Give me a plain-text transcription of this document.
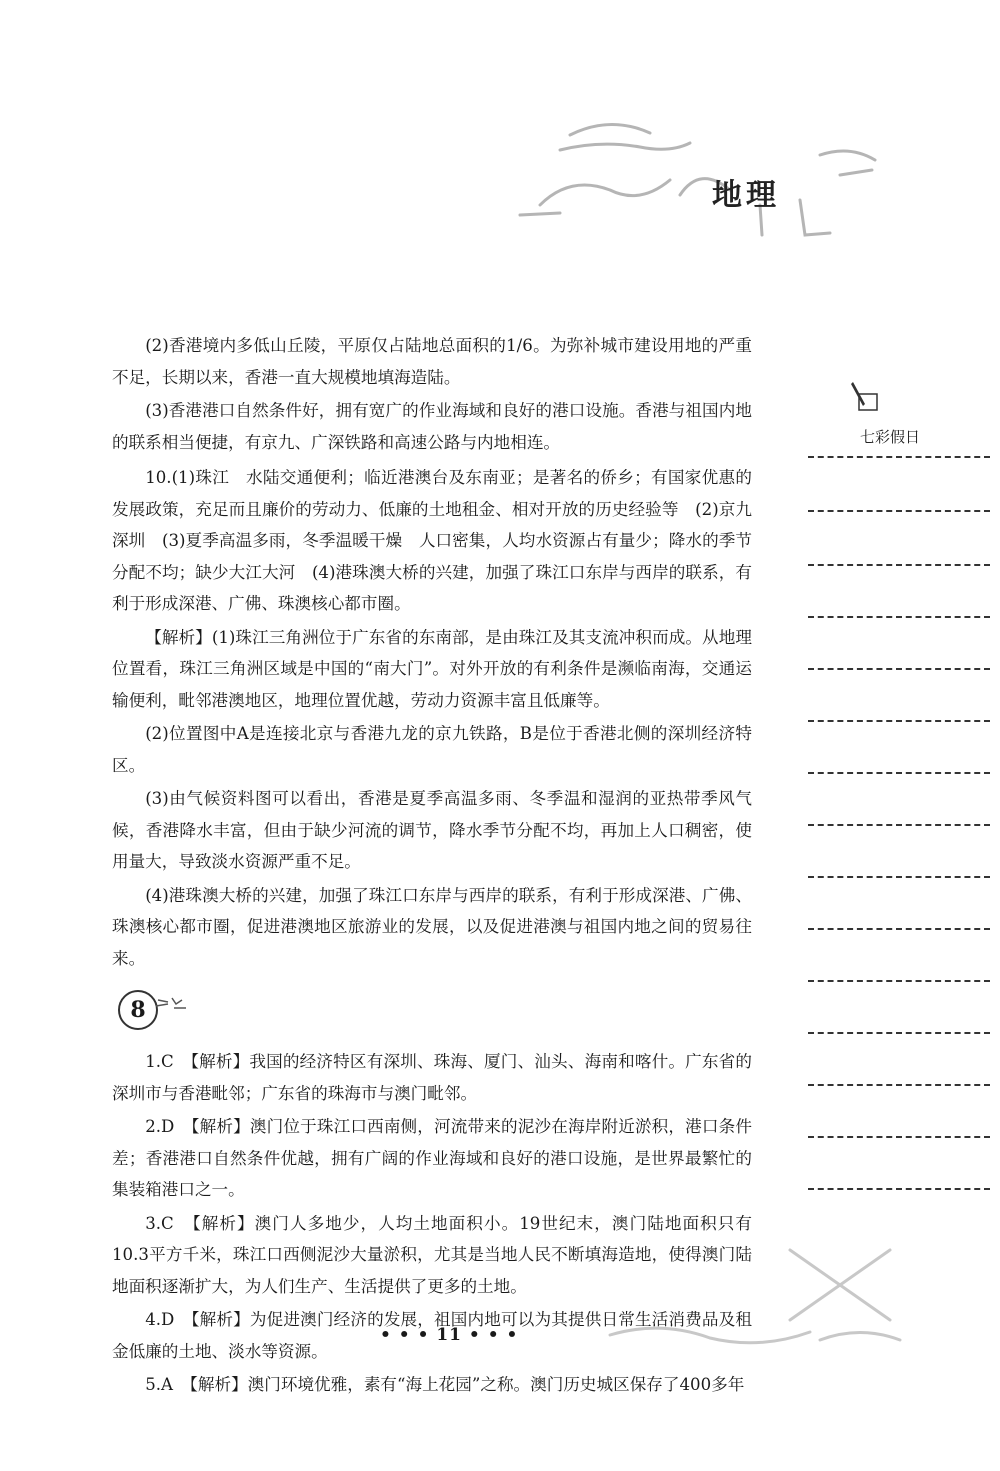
地理

(2)香港境内多低山丘陵，平原仅占陆地总面积的1/6。为弥补城市建设用地的严重不足，长期以来，香港一直大规模地填海造陆。

(3)香港港口自然条件好，拥有宽广的作业海域和良好的港口设施。香港与祖国内地的联系相当便捷，有京九、广深铁路和高速公路与内地相连。

10.(1)珠江　水陆交通便利；临近港澳台及东南亚；是著名的侨乡；有国家优惠的发展政策，充足而且廉价的劳动力、低廉的土地租金、相对开放的历史经验等　(2)京九　深圳　(3)夏季高温多雨，冬季温暖干燥　人口密集，人均水资源占有量少；降水的季节分配不均；缺少大江大河　(4)港珠澳大桥的兴建，加强了珠江口东岸与西岸的联系，有利于形成深港、广佛、珠澳核心都市圈。

【解析】(1)珠江三角洲位于广东省的东南部，是由珠江及其支流冲积而成。从地理位置看，珠江三角洲区域是中国的“南大门”。对外开放的有利条件是濒临南海，交通运输便利，毗邻港澳地区，地理位置优越，劳动力资源丰富且低廉等。

(2)位置图中A是连接北京与香港九龙的京九铁路，B是位于香港北侧的深圳经济特区。

(3)由气候资料图可以看出，香港是夏季高温多雨、冬季温和湿润的亚热带季风气候，香港降水丰富，但由于缺少河流的调节，降水季节分配不均，再加上人口稠密，使用量大，导致淡水资源严重不足。

(4)港珠澳大桥的兴建，加强了珠江口东岸与西岸的联系，有利于形成深港、广佛、珠澳核心都市圈，促进港澳地区旅游业的发展，以及促进港澳与祖国内地之间的贸易往来。

8

1.C　【解析】我国的经济特区有深圳、珠海、厦门、汕头、海南和喀什。广东省的深圳市与香港毗邻；广东省的珠海市与澳门毗邻。

2.D　【解析】澳门位于珠江口西南侧，河流带来的泥沙在海岸附近淤积，港口条件差；香港港口自然条件优越，拥有广阔的作业海域和良好的港口设施，是世界最繁忙的集装箱港口之一。

3.C　【解析】澳门人多地少，人均土地面积小。19世纪末，澳门陆地面积只有10.3平方千米，珠江口西侧泥沙大量淤积，尤其是当地人民不断填海造地，使得澳门陆地面积逐渐扩大，为人们生产、生活提供了更多的土地。

4.D　【解析】为促进澳门经济的发展，祖国内地可以为其提供日常生活消费品及租金低廉的土地、淡水等资源。

5.A　【解析】澳门环境优雅，素有“海上花园”之称。澳门历史城区保存了400多年

七彩假日
• • • 11 • • •
